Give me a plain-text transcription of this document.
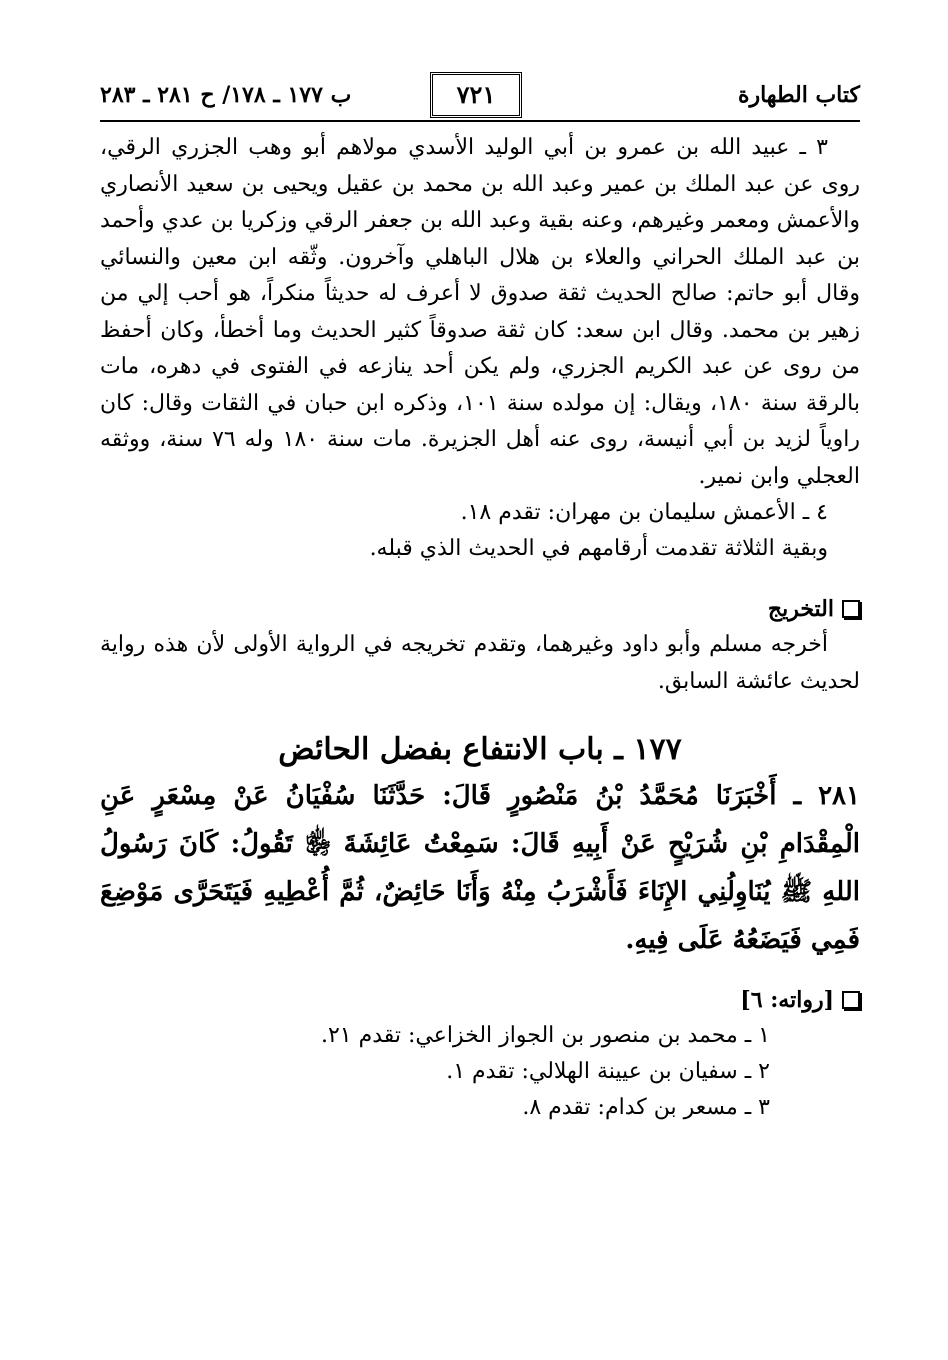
كتاب الطهارة
٧٢١
ب ١٧٧ ـ ١٧٨/ ح ٢٨١ ـ ٢٨٣

٣ ـ عبيد الله بن عمرو بن أبي الوليد الأسدي مولاهم أبو وهب الجزري الرقي، روى عن عبد الملك بن عمير وعبد الله بن محمد بن عقيل ويحيى بن سعيد الأنصاري والأعمش ومعمر وغيرهم، وعنه بقية وعبد الله بن جعفر الرقي وزكريا بن عدي وأحمد بن عبد الملك الحراني والعلاء بن هلال الباهلي وآخرون. وثّقه ابن معين والنسائي وقال أبو حاتم: صالح الحديث ثقة صدوق لا أعرف له حديثاً منكراً، هو أحب إلي من زهير بن محمد. وقال ابن سعد: كان ثقة صدوقاً كثير الحديث وما أخطأ، وكان أحفظ من روى عن عبد الكريم الجزري، ولم يكن أحد ينازعه في الفتوى في دهره، مات بالرقة سنة ١٨٠، ويقال: إن مولده سنة ١٠١، وذكره ابن حبان في الثقات وقال: كان راوياً لزيد بن أبي أنيسة، روى عنه أهل الجزيرة. مات سنة ١٨٠ وله ٧٦ سنة، ووثقه العجلي وابن نمير.

٤ ـ الأعمش سليمان بن مهران: تقدم ١٨.

وبقية الثلاثة تقدمت أرقامهم في الحديث الذي قبله.

التخريج

أخرجه مسلم وأبو داود وغيرهما، وتقدم تخريجه في الرواية الأولى لأن هذه رواية لحديث عائشة السابق.

١٧٧ ـ باب الانتفاع بفضل الحائض

٢٨١ ـ أَخْبَرَنَا مُحَمَّدُ بْنُ مَنْصُورٍ قَالَ: حَدَّثَنَا سُفْيَانُ عَنْ مِسْعَرٍ عَنِ الْمِقْدَامِ بْنِ شُرَيْحٍ عَنْ أَبِيهِ قَالَ: سَمِعْتُ عَائِشَةَ ﵂ تَقُولُ: كَانَ رَسُولُ اللهِ ﷺ يُنَاوِلُنِي الإِنَاءَ فَأَشْرَبُ مِنْهُ وَأَنَا حَائِضٌ، ثُمَّ أُعْطِيهِ فَيَتَحَرَّى مَوْضِعَ فَمِي فَيَضَعُهُ عَلَى فِيهِ.

[رواته: ٦]

١ ـ محمد بن منصور بن الجواز الخزاعي: تقدم ٢١.

٢ ـ سفيان بن عيينة الهلالي: تقدم ١.

٣ ـ مسعر بن كدام: تقدم ٨.
